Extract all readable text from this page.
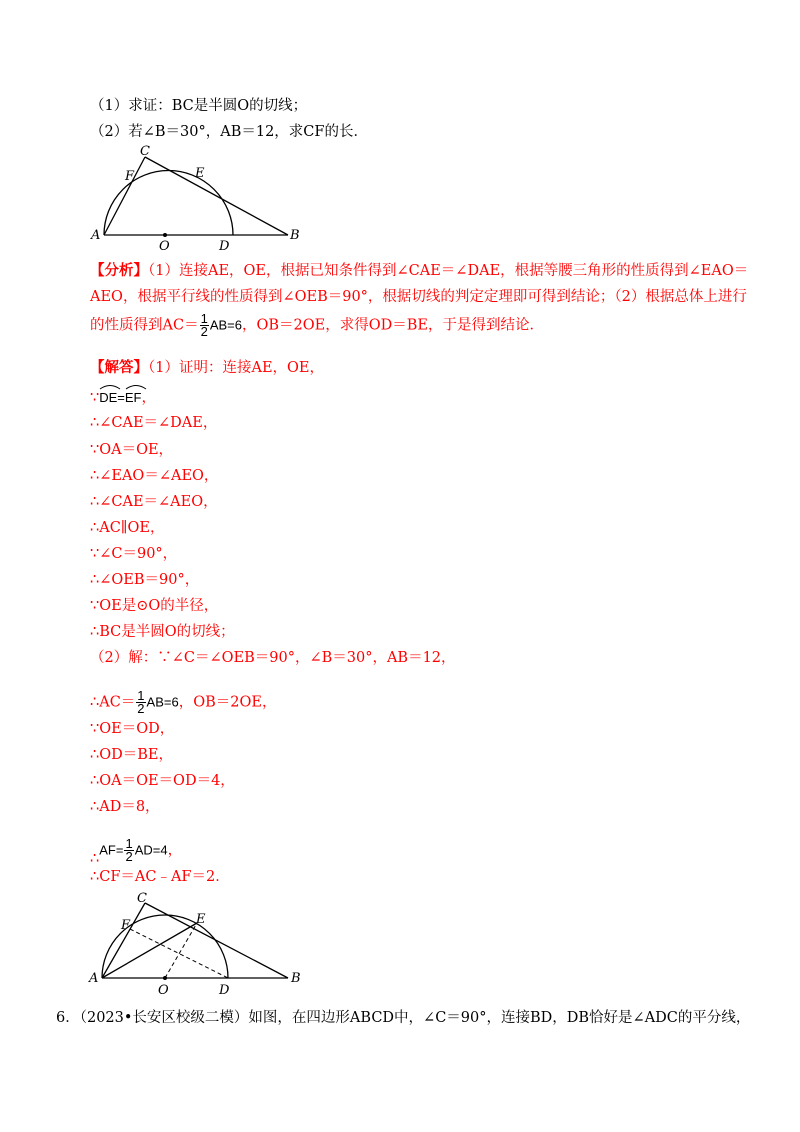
（1）求证：BC是半圆O的切线；
（2）若∠B＝30°，AB＝12，求CF的长．
C
F	E
A
O	D
B
【分析】（1）连接AE，OE，根据已知条件得到∠CAE＝∠DAE，根据等腰三角形的性质得到∠EAO＝
AEO，根据平行线的性质得到∠OEB＝90°，根据切线的判定定理即可得到结论；（2）根据总体上进行
的性质得到$AC= \frac{1}{2} AB=6$，OB＝2OE，求得OD＝BE，于是得到结论．
【解答】（1）证明：连接AE，OE，
∵
DE=
EF，
∴∠CAE＝∠DAE，
∵OA＝OE，
∴∠EAO＝∠AEO，
∴∠CAE＝∠AEO，
∴AC∥OE，
∵∠C＝90°，
∴∠OEB＝90°，
∵OE是⊙O的半径，
∴BC是半圆O的切线；
（2）解：∵∠C＝∠OEB＝90°，∠B＝30°，AB＝12，
∴AC＝ $\frac{1}{2} AB=6$，OB＝2OE，
∵OE＝OD，
∴OD＝BE，
∴OA＝OE＝OD＝4，
∴AD＝8，
∴AF= $\frac{1}{2} AD=4$，
∴CF＝AC﹣AF＝2．
C
F	E
A
O	D
B
6．（2023•长安区校级二模）如图，在四边形ABCD中，∠C＝90°，连接BD，DB恰好是∠ADC的平分线，
